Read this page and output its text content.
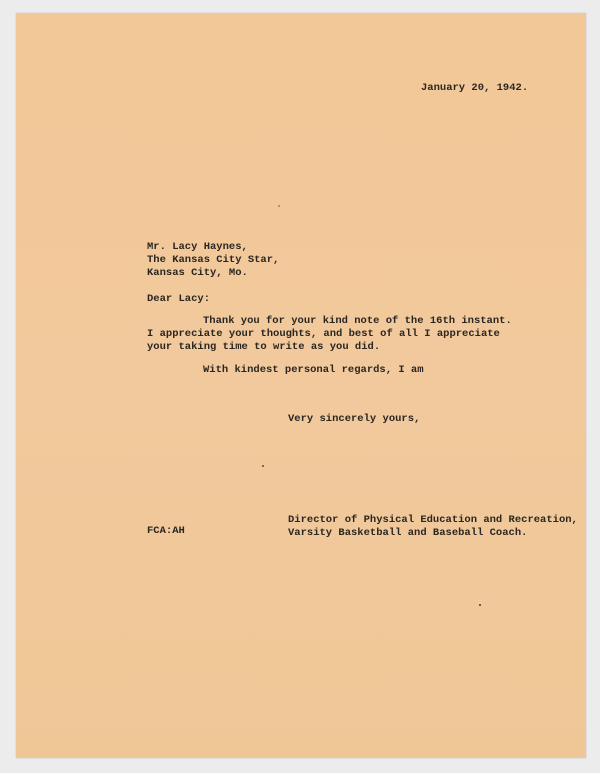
January 20, 1942.
Mr. Lacy Haynes,
The Kansas City Star,
Kansas City, Mo.
Dear Lacy:
Thank you for your kind note of the 16th instant.
I appreciate your thoughts, and best of all I appreciate
your taking time to write as you did.
With kindest personal regards, I am
Very sincerely yours,
FCA:AH
Director of Physical Education and Recreation,
Varsity Basketball and Baseball Coach.
